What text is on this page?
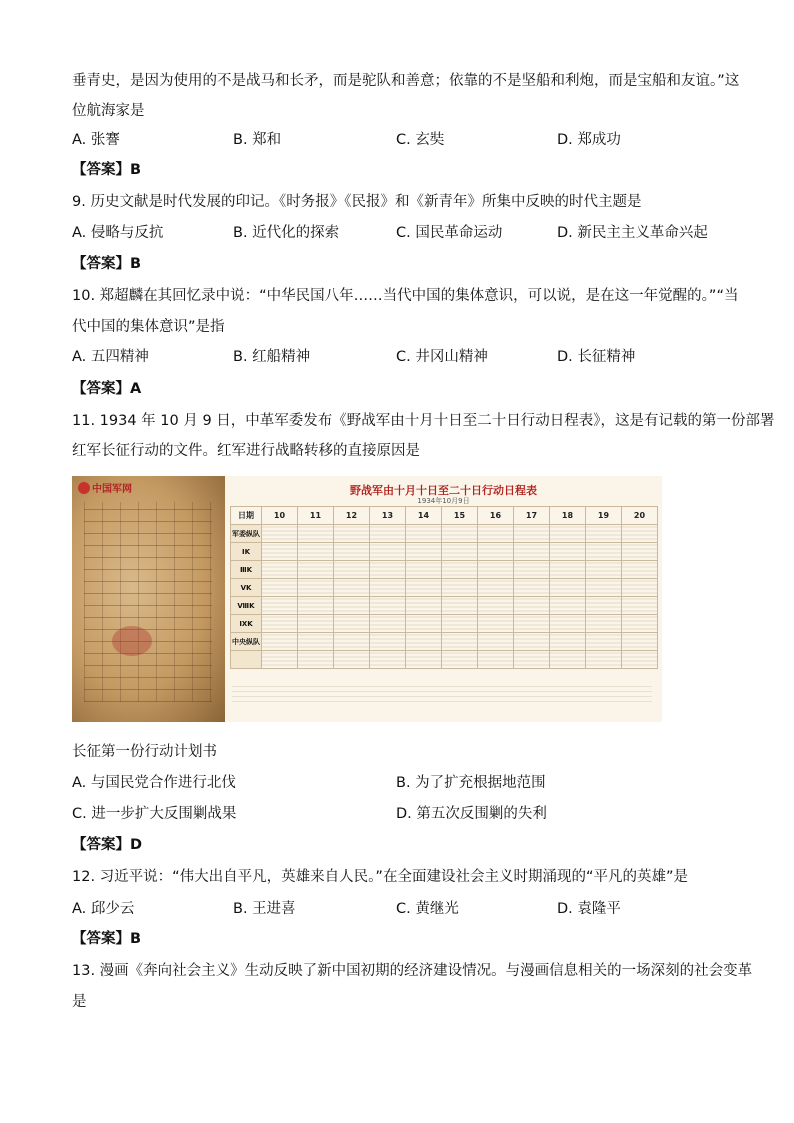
垂青史，是因为使用的不是战马和长矛，而是驼队和善意；依靠的不是坚船和利炮，而是宝船和友谊。”这
位航海家是
A. 张謇	B. 郑和	C. 玄奘	D. 郑成功
【答案】B
9. 历史文献是时代发展的印记。《时务报》《民报》和《新青年》所集中反映的时代主题是
A. 侵略与反抗	B. 近代化的探索	C. 国民革命运动	D. 新民主主义革命兴起
【答案】B
10. 郑超麟在其回忆录中说：“中华民国八年……当代中国的集体意识，可以说，是在这一年觉醒的。”“当
代中国的集体意识”是指
A. 五四精神	B. 红船精神	C. 井冈山精神	D. 长征精神
【答案】A
11. 1934 年 10 月 9 日，中革军委发布《野战军由十月十日至二十日行动日程表》，这是有记载的第一份部署
红军长征行动的文件。红军进行战略转移的直接原因是
中国军网	野战军由十月十日至二十日行动日程表
1934年10月9日
日期	10	11	12	13	14	15	16	17	18	19	20
军委纵队											
ⅠK											
ⅢK											
ⅤK											
ⅧK											
ⅨK											
中央纵队											

长征第一份行动计划书
A. 与国民党合作进行北伐	B. 为了扩充根据地范围
C. 进一步扩大反围剿战果	D. 第五次反围剿的失利
【答案】D
12. 习近平说：“伟大出自平凡，英雄来自人民。”在全面建设社会主义时期涌现的“平凡的英雄”是
A. 邱少云	B. 王进喜	C. 黄继光	D. 袁隆平
【答案】B
13. 漫画《奔向社会主义》生动反映了新中国初期的经济建设情况。与漫画信息相关的一场深刻的社会变革
是
